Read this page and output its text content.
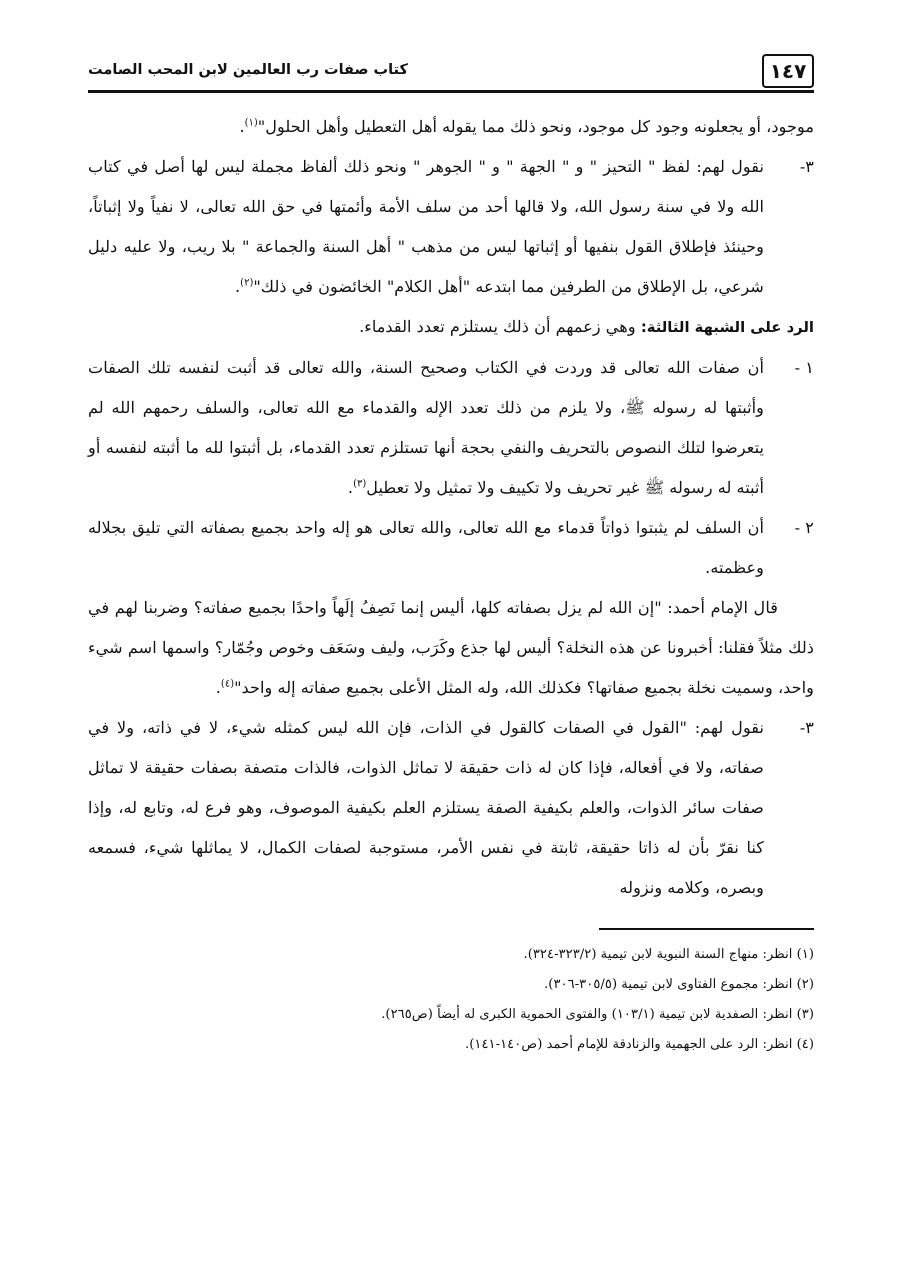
١٤٧
كتاب صفات رب العالمين لابن المحب الصامت

موجود، أو يجعلونه وجود كل موجود، ونحو ذلك مما يقوله أهل التعطيل وأهل الحلول"$^{(١)}$.

٣-
نقول لهم: لفظ " التحيز " و " الجهة " و " الجوهر " ونحو ذلك ألفاظ مجملة ليس لها أصل في كتاب الله ولا في سنة رسول الله، ولا قالها أحد من سلف الأمة وأئمتها في حق الله تعالى، لا نفياً ولا إثباتاً، وحينئذ فإطلاق القول بنفيها أو إثباتها ليس من مذهب " أهل السنة والجماعة " بلا ريب، ولا عليه دليل شرعي، بل الإطلاق من الطرفين مما ابتدعه "أهل الكلام" الخائضون في ذلك"$^{(٢)}$.

الرد على الشبهة الثالثة: وهي زعمهم أن ذلك يستلزم تعدد القدماء.

١ -
أن صفات الله تعالى قد وردت في الكتاب وصحيح السنة، والله تعالى قد أثبت لنفسه تلك الصفات وأثبتها له رسوله ﷺ، ولا يلزم من ذلك تعدد الإله والقدماء مع الله تعالى، والسلف رحمهم الله لم يتعرضوا لتلك النصوص بالتحريف والنفي بحجة أنها تستلزم تعدد القدماء، بل أثبتوا لله ما أثبته لنفسه أو أثبته له رسوله ﷺ غير تحريف ولا تكييف ولا تمثيل ولا تعطيل$^{(٣)}$.
٢ -
أن السلف لم يثبتوا ذواتاً قدماء مع الله تعالى، والله تعالى هو إله واحد بجميع بصفاته التي تليق بجلاله وعظمته.

قال الإمام أحمد: "إن الله لم يزل بصفاته كلها، أليس إنما نَصِفُ إلَهاً واحدًا بجميع صفاته؟ وضربنا لهم في ذلك مثلاً فقلنا: أخبرونا عن هذه النخلة؟ أليس لها جذع وكَرَب، وليف وسَعَف وخوص وجُمّار؟ واسمها اسم شيء واحد، وسميت نخلة بجميع صفاتها؟ فكذلك الله، وله المثل الأعلى بجميع صفاته إله واحد"$^{(٤)}$.

٣-
نقول لهم: "القول في الصفات كالقول في الذات، فإن الله ليس كمثله شيء، لا في ذاته، ولا في صفاته، ولا في أفعاله، فإذا كان له ذات حقيقة لا تماثل الذوات، فالذات متصفة بصفات حقيقة لا تماثل صفات سائر الذوات، والعلم بكيفية الصفة يستلزم العلم بكيفية الموصوف، وهو فرع له، وتابع له، وإذا كنا نقرّ بأن له ذاتا حقيقة، ثابتة في نفس الأمر، مستوجبة لصفات الكمال، لا يماثلها شيء، فسمعه وبصره، وكلامه ونزوله

(١) انظر: منهاج السنة النبوية لابن تيمية (٣٢٣/٢-٣٢٤).

(٢) انظر: مجموع الفتاوى لابن تيمية (٣٠٥/٥-٣٠٦).

(٣) انظر: الصفدية لابن تيمية (١٠٣/١) والفتوى الحموية الكبرى له أيضاً (ص٢٦٥).

(٤) انظر: الرد على الجهمية والزنادقة للإمام أحمد (ص١٤٠-١٤١).
